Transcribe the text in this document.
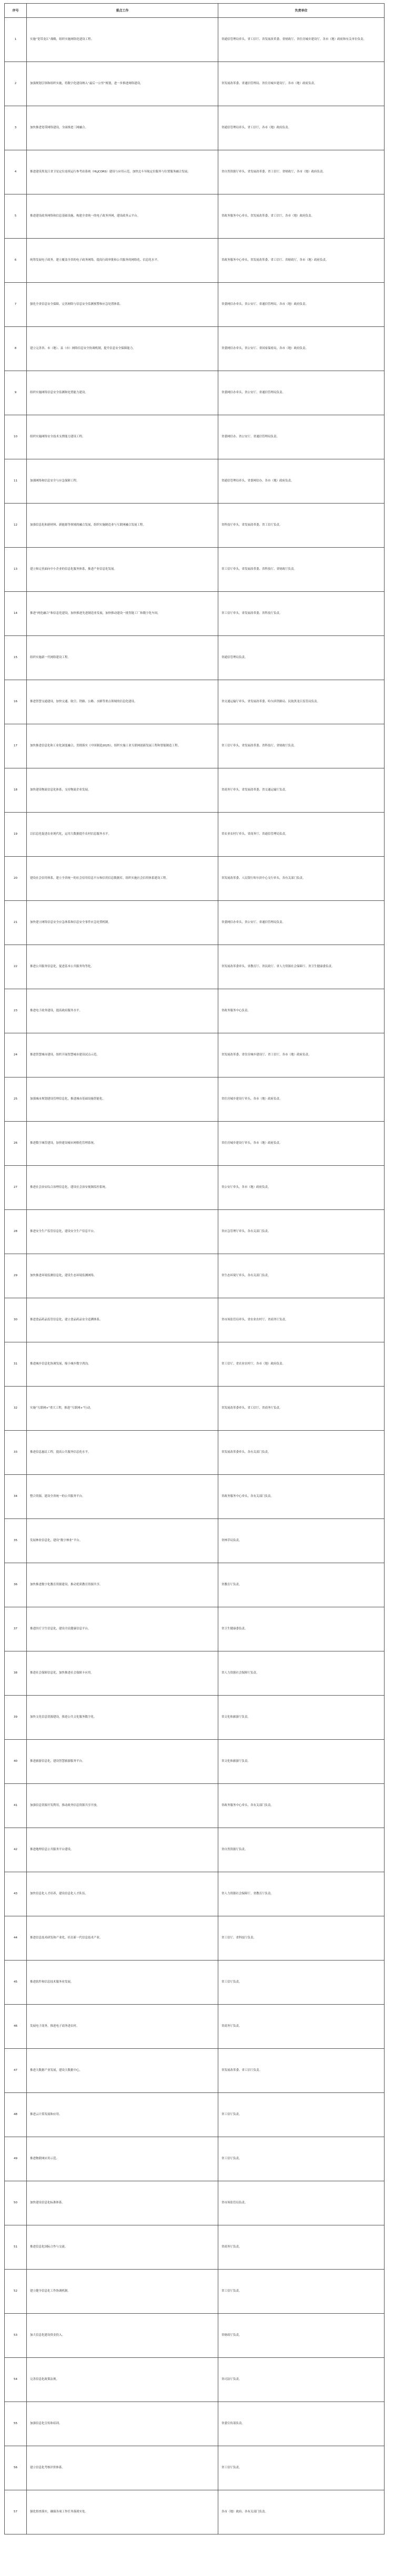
序号	重点工作	负责单位
1	实施“宽带龙江”战略，组织实施网络化建设工程。	省通信管理局牵头，省工信厅、省发展改革委、省财政厅、省住房城乡建设厅，各市（地）政府和有关单位负责。
2	加强规划引领和组织实施，将数字化建设纳入“最后一公里”规划，进一步推进网络建设。	省发展改革委、省通信管理局、省住房城乡建设厅，各市（地）政府负责。
3	加快推进宽带网络建设，全面推进三网融合。	省通信管理局牵头，省工信厅，各市（地）政府负责。
4	推进建设黑龙江省卫星定位连续运行参考站系统（HLJCORS）建设与应用示范，加快北斗导航定位服务与位置服务融合发展。	省自然资源厅牵头，省发展改革委、省工信厅、省财政厅，各市（地）政府负责。
5	推进建设政务网络和信息基础设施，构建全省统一的电子政务外网，建设政务云平台。	省政务服务中心牵头，省发展改革委、省工信厅，各市（地）政府负责。
6	统筹发展电子政务，建立覆盖全省的电子政务网络，提高行政审批和公共服务的网络化、信息化水平。	省政务服务中心牵头，省发展改革委、省工信厅、省财政厅，各市（地）政府负责。
7	强化全省信息安全保障，完善网络与信息安全监测预警和应急处置体系。	省委网信办牵头，省公安厅、省通信管理局，各市（地）政府负责。
8	建立完善省、市（地）、县（市）网络信息安全协调机制，提升信息安全保障能力。	省委网信办牵头，省公安厅、省国家保密局，各市（地）政府负责。
9	组织实施网络信息安全监测和处置能力建设。	省委网信办牵头，省公安厅、省通信管理局负责。
10	组织实施网络安全技术支撑能力建设工程。	省委网信办、省公安厅、省通信管理局负责。
11	加强网络和信息安全与应急保障工程。	省通信管理局牵头，省委网信办，各市（地）政府负责。
12	加强信息化和新材料、新能源等领域的融合发展，组织实施制造业与互联网融合发展工程。	省科技厅牵头，省发展改革委、省工信厅负责。
13	建立和完善面向中小企业的信息化服务体系，推进产业信息化发展。	省工信厅牵头，省发展改革委、省科技厅、省财政厅负责。
14	推进“两化融合”和信息化建设，加快推进先进制造业发展，加快推动建设一批智能工厂和数字化车间。	省工信厅牵头，省发展改革委、省科技厅负责。
15	组织实施新一代网络建设工程。	省通信管理局负责。
16	推进智慧交通建设，加快交通、航空、铁路、公路、水路等重点领域的信息化建设。	省交通运输厅牵头，省发展改革委、哈尔滨铁路局、民航黑龙江监管局负责。
17	加快推进信息化和工业化深度融合，贯彻落实《中国制造2025》，组织实施工业互联网创新发展工程和智能制造工程。	省工信厅牵头，省发展改革委、省科技厅、省财政厅负责。
18	加快建设物流信息化体系，支持物流企业发展。	省商务厅牵头，省发展改革委、省交通运输厅负责。
19	以信息化促进农业现代化，运用大数据提升农村信息服务水平。	省农业农村厅牵头，省商务厅、省通信管理局负责。
20	建设社会信用体系，建立全省统一的社会信用信息平台和信用信息数据库，组织实施社会信用体系建设工程。	省发展改革委、人民银行哈尔滨中心支行牵头，各有关部门负责。
21	加快建立网络信息安全应急体系和信息安全事件应急处置机制。	省委网信办牵头，省公安厅、省通信管理局负责。
22	推进公共服务信息化，促进基本公共服务均等化。	省发展改革委牵头，省教育厅、省民政厅、省人力资源社会保障厅、省卫生健康委负责。
23	推进电子政务建设，提高政府服务水平。	省政务服务中心负责。
24	推进智慧城市建设，组织开展智慧城市建设试点示范。	省发展改革委、省住房城乡建设厅、省工信厅，各市（地）政府负责。
25	加强城市规划建设管理信息化，推进城市基础设施智能化。	省住房城乡建设厅牵头，各市（地）政府负责。
26	推进数字城管建设，加快建设城市网格化管理系统。	省住房城乡建设厅牵头，各市（地）政府负责。
27	推进社会治安综合治理信息化，建设社会治安视频监控系统。	省公安厅牵头，各市（地）政府负责。
28	推进安全生产监管信息化，建设安全生产信息平台。	省应急管理厅牵头，各有关部门负责。
29	加快推进环境监测信息化，建设生态环境监测网络。	省生态环境厅牵头，各有关部门负责。
30	推进食品药品监管信息化，建立食品药品安全追溯体系。	省市场监管局牵头，省农业农村厅、省商务厅负责。
31	推进城乡信息化协调发展，缩小城乡数字鸿沟。	省工信厅、省农业农村厅，各市（地）政府负责。
32	实施“互联网+”重大工程，推进“互联网+”行动。	省发展改革委牵头，省工信厅、省商务厅负责。
33	推进信息惠民工程，提高公共服务信息化水平。	省发展改革委牵头，各有关部门负责。
34	整合资源，建设全省统一的公共服务平台。	省政务服务中心牵头，各有关部门负责。
35	发展林业信息化，建设“数字林业”平台。	省林草局负责。
36	加快推进数字化教育资源建设，推动优质教育资源共享。	省教育厅负责。
37	推进医疗卫生信息化，建设全民健康信息平台。	省卫生健康委负责。
38	推进社会保障信息化，加快推进社会保障卡应用。	省人力资源社会保障厅负责。
39	加快文化信息资源建设，推进公共文化服务数字化。	省文化和旅游厅负责。
40	推进旅游信息化，建设智慧旅游服务平台。	省文化和旅游厅负责。
41	加强信息资源开发利用，推动政务信息资源共享开放。	省政务服务中心牵头，各有关部门负责。
42	推进地理信息公共服务平台建设。	省自然资源厅负责。
43	加快信息化人才培养，建设信息化人才队伍。	省人力资源社会保障厅、省教育厅负责。
44	推进信息技术研发和产业化，培育新一代信息技术产业。	省工信厅、省科技厅负责。
45	推进软件和信息技术服务业发展。	省工信厅负责。
46	发展电子商务，推进电子商务进农村。	省商务厅负责。
47	推进大数据产业发展，建设大数据中心。	省发展改革委、省工信厅负责。
48	推进云计算发展和应用。	省工信厅负责。
49	推进物联网应用示范。	省工信厅负责。
50	加快建设信息化标准体系。	省市场监管局负责。
51	推进信息化国际合作与交流。	省商务厅负责。
52	建立健全信息化工作协调机制。	省工信厅负责。
53	加大信息化建设资金投入。	省财政厅负责。
54	完善信息化政策法规。	省司法厅负责。
55	加强信息化宣传和培训。	省委宣传部负责。
56	建立信息化考核评价体系。	省工信厅负责。
57	强化督查落实，确保各项工作任务落到实处。	各市（地）政府、各有关部门负责。
